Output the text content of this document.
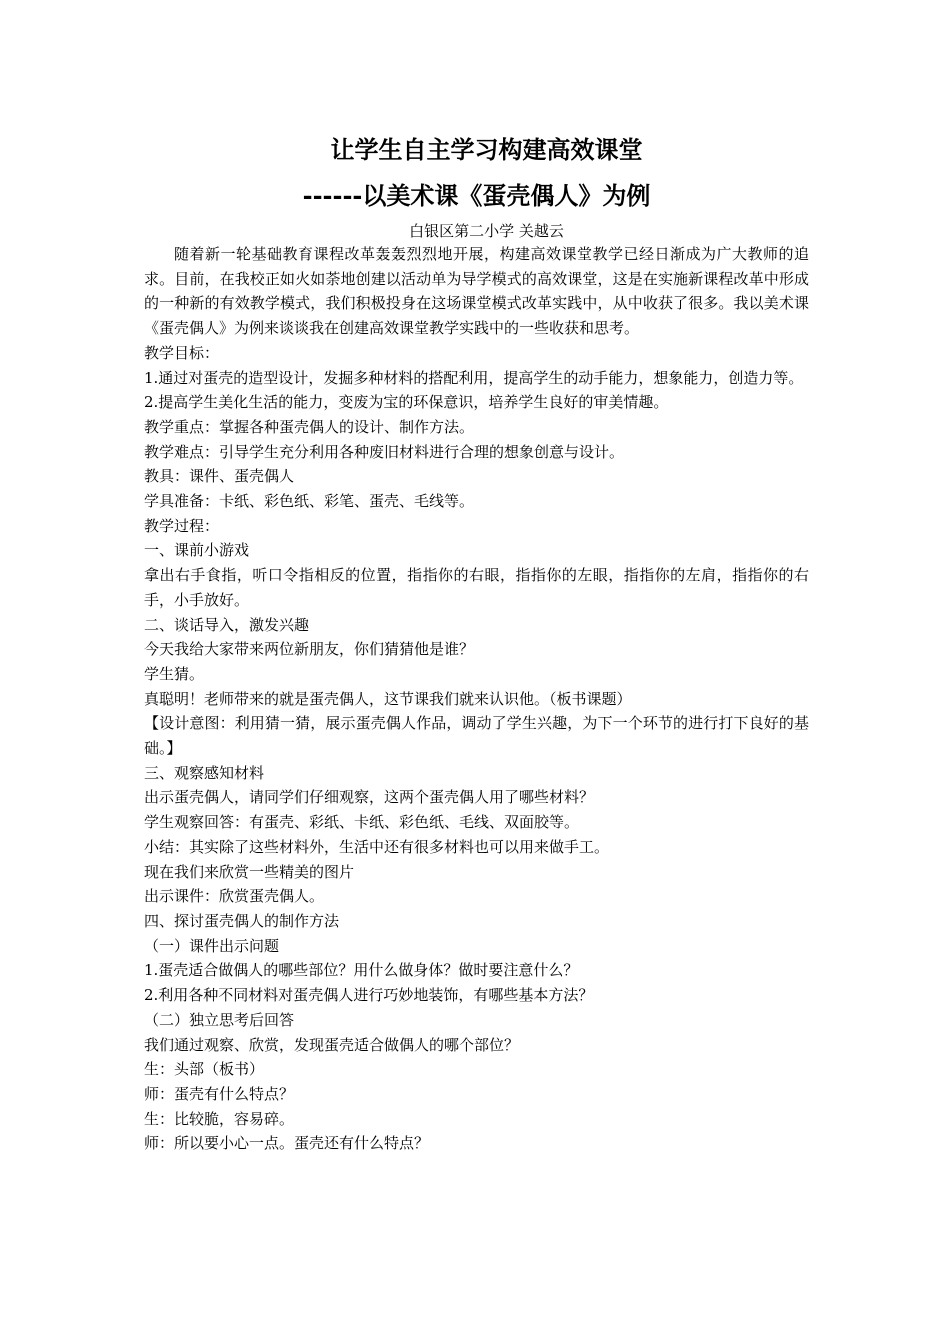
让学生自主学习构建高效课堂
------以美术课《蛋壳偶人》为例

白银区第二小学 关越云

随着新一轮基础教育课程改革轰轰烈烈地开展，构建高效课堂教学已经日渐成为广大教师的追求。目前，在我校正如火如荼地创建以活动单为导学模式的高效课堂，这是在实施新课程改革中形成的一种新的有效教学模式，我们积极投身在这场课堂模式改革实践中，从中收获了很多。我以美术课《蛋壳偶人》为例来谈谈我在创建高效课堂教学实践中的一些收获和思考。

教学目标：

1.通过对蛋壳的造型设计，发掘多种材料的搭配利用，提高学生的动手能力，想象能力，创造力等。

2.提高学生美化生活的能力，变废为宝的环保意识，培养学生良好的审美情趣。

教学重点：掌握各种蛋壳偶人的设计、制作方法。

教学难点：引导学生充分利用各种废旧材料进行合理的想象创意与设计。

教具：课件、蛋壳偶人

学具准备：卡纸、彩色纸、彩笔、蛋壳、毛线等。

教学过程：

一、课前小游戏

拿出右手食指，听口令指相反的位置，指指你的右眼，指指你的左眼，指指你的左肩，指指你的右手，小手放好。

二、谈话导入，激发兴趣

今天我给大家带来两位新朋友，你们猜猜他是谁？

学生猜。

真聪明！老师带来的就是蛋壳偶人，这节课我们就来认识他。（板书课题）

【设计意图：利用猜一猜，展示蛋壳偶人作品，调动了学生兴趣，为下一个环节的进行打下良好的基础。】

三、观察感知材料

出示蛋壳偶人，请同学们仔细观察，这两个蛋壳偶人用了哪些材料？

学生观察回答：有蛋壳、彩纸、卡纸、彩色纸、毛线、双面胶等。

小结：其实除了这些材料外，生活中还有很多材料也可以用来做手工。

现在我们来欣赏一些精美的图片

出示课件：欣赏蛋壳偶人。

四、探讨蛋壳偶人的制作方法

（一）课件出示问题

1.蛋壳适合做偶人的哪些部位？用什么做身体？做时要注意什么？

2.利用各种不同材料对蛋壳偶人进行巧妙地装饰，有哪些基本方法？

（二）独立思考后回答

我们通过观察、欣赏，发现蛋壳适合做偶人的哪个部位？

生：头部（板书）

师：蛋壳有什么特点？

生：比较脆，容易碎。

师：所以要小心一点。蛋壳还有什么特点？
